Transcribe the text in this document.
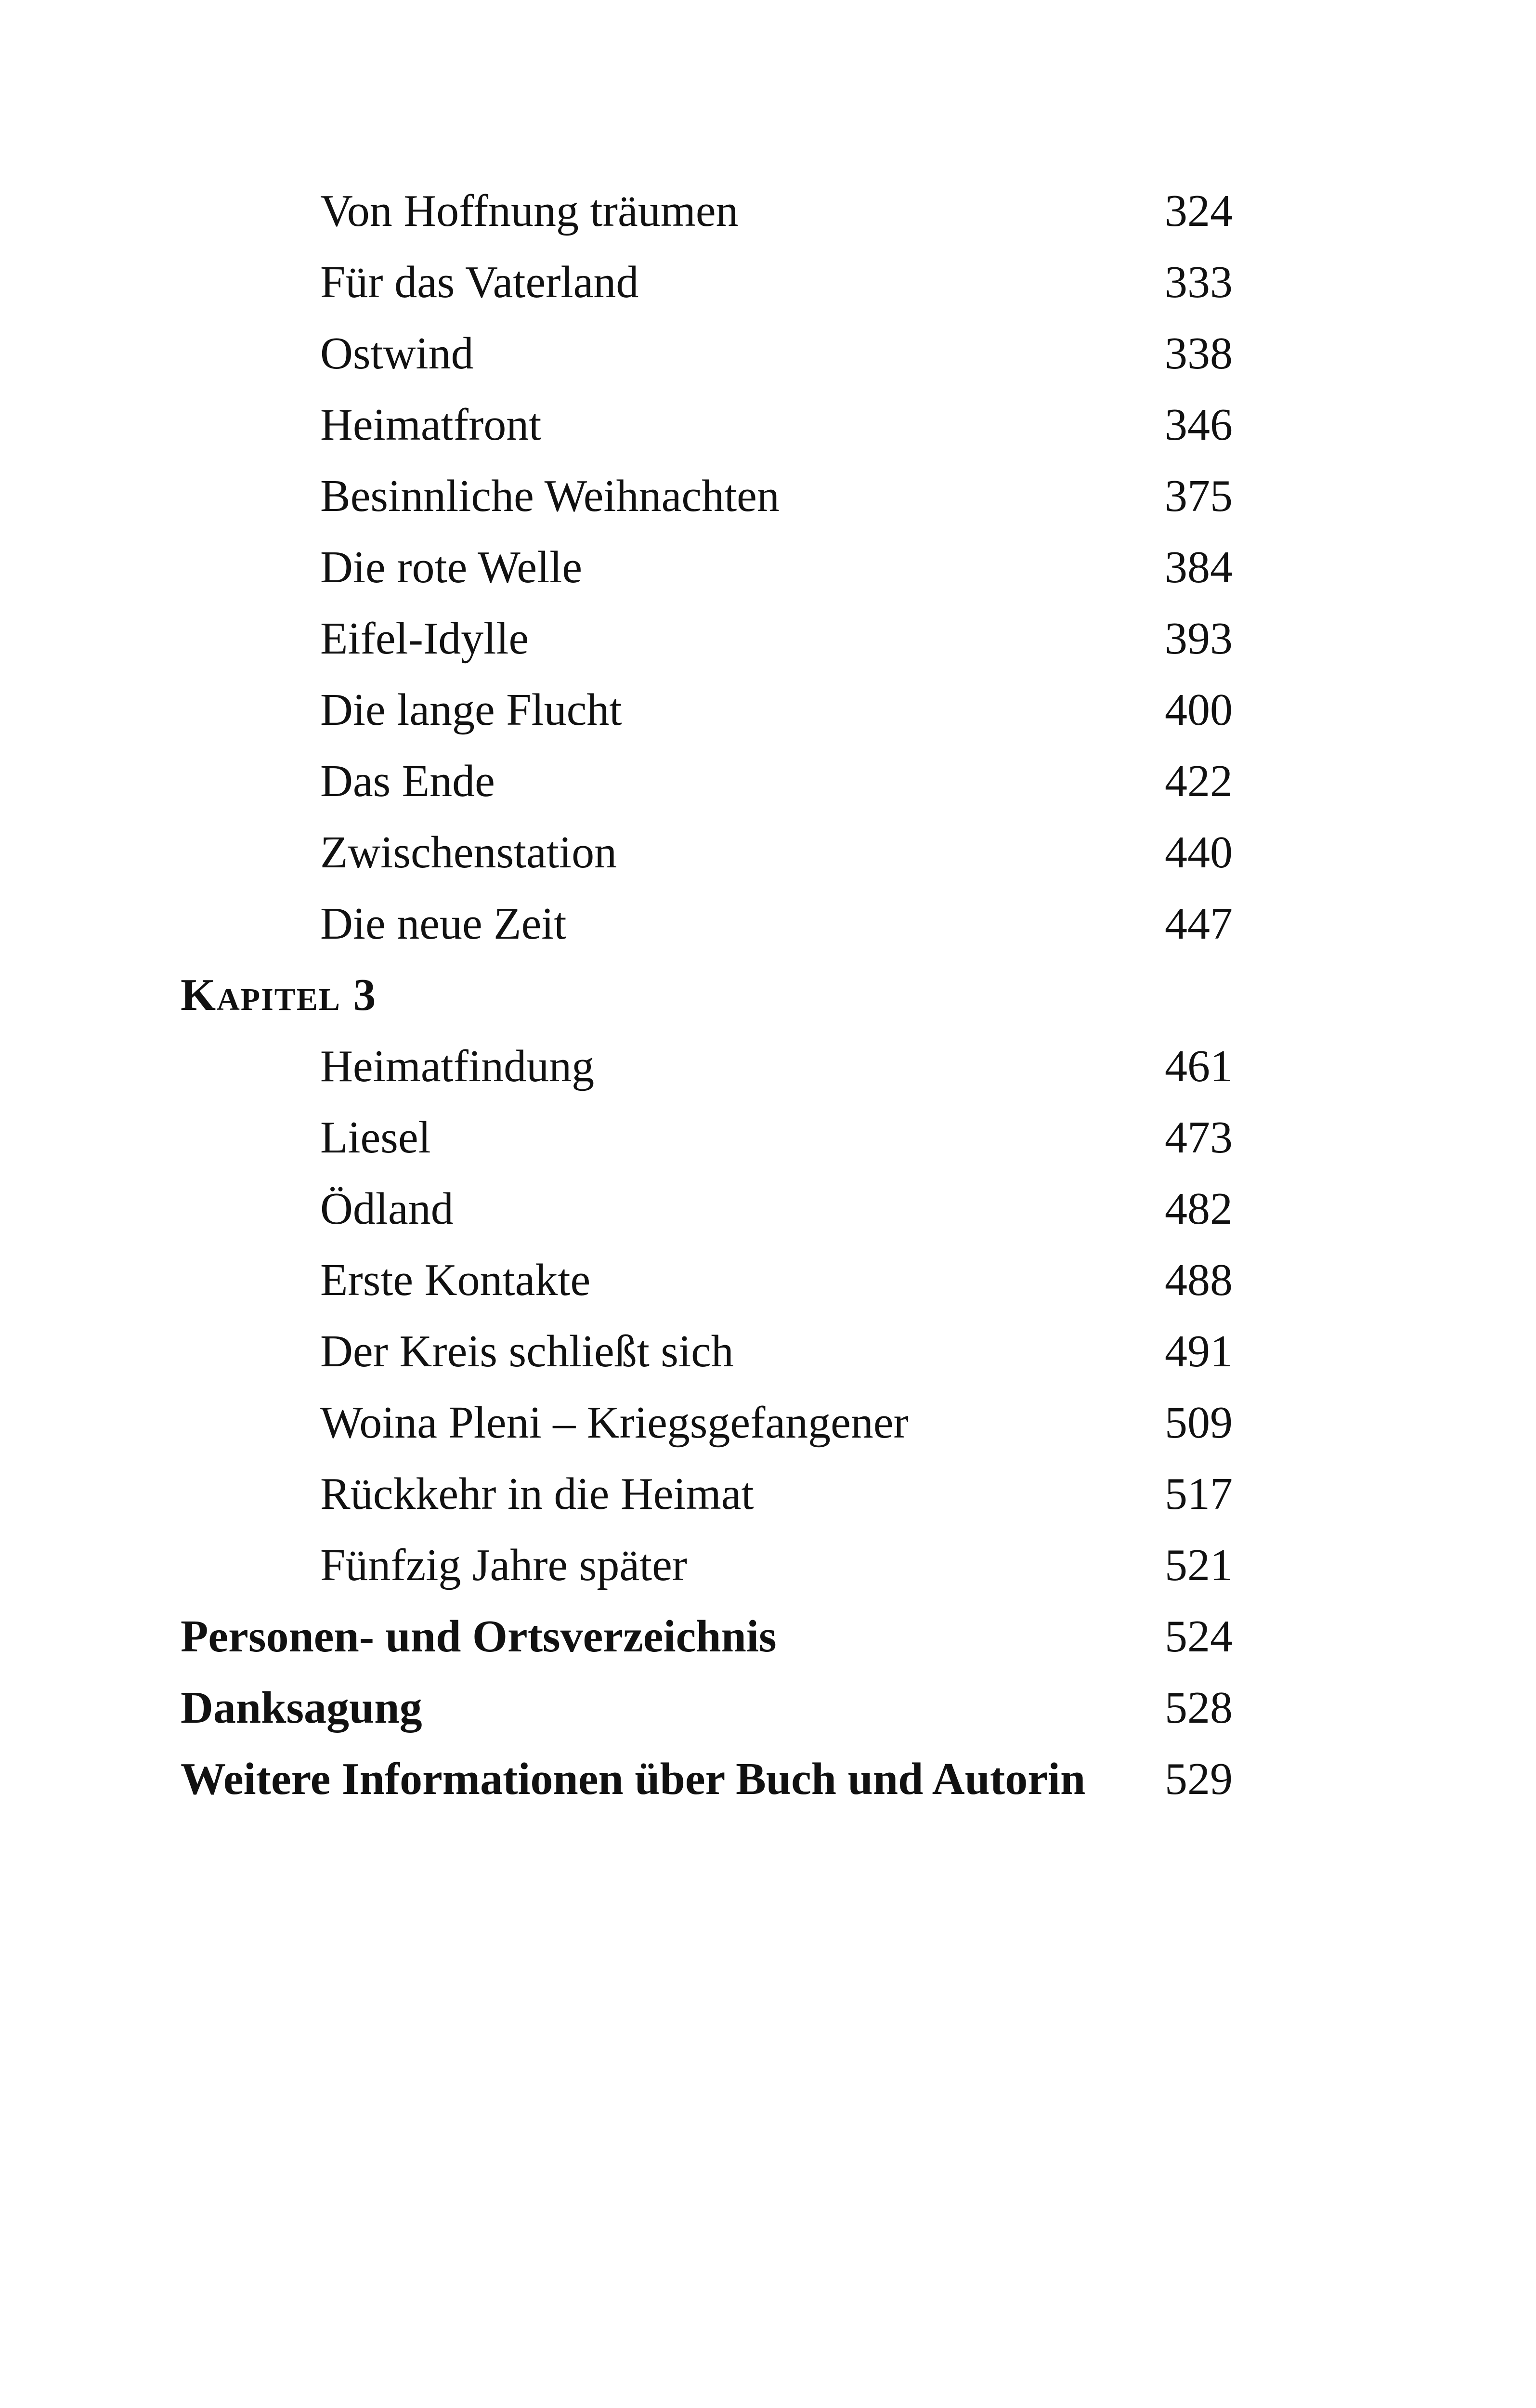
Von Hoffnung träumen	324
Für das Vaterland	333
Ostwind	338
Heimatfront	346
Besinnliche Weihnachten	375
Die rote Welle	384
Eifel-Idylle	393
Die lange Flucht	400
Das Ende	422
Zwischenstation	440
Die neue Zeit	447
Kapitel 3
Heimatfindung	461
Liesel	473
Ödland	482
Erste Kontakte	488
Der Kreis schließt sich	491
Woina Pleni – Kriegsgefangener	509
Rückkehr in die Heimat	517
Fünfzig Jahre später	521
Personen- und Ortsverzeichnis	524
Danksagung	528
Weitere Informationen über Buch und Autorin 529
